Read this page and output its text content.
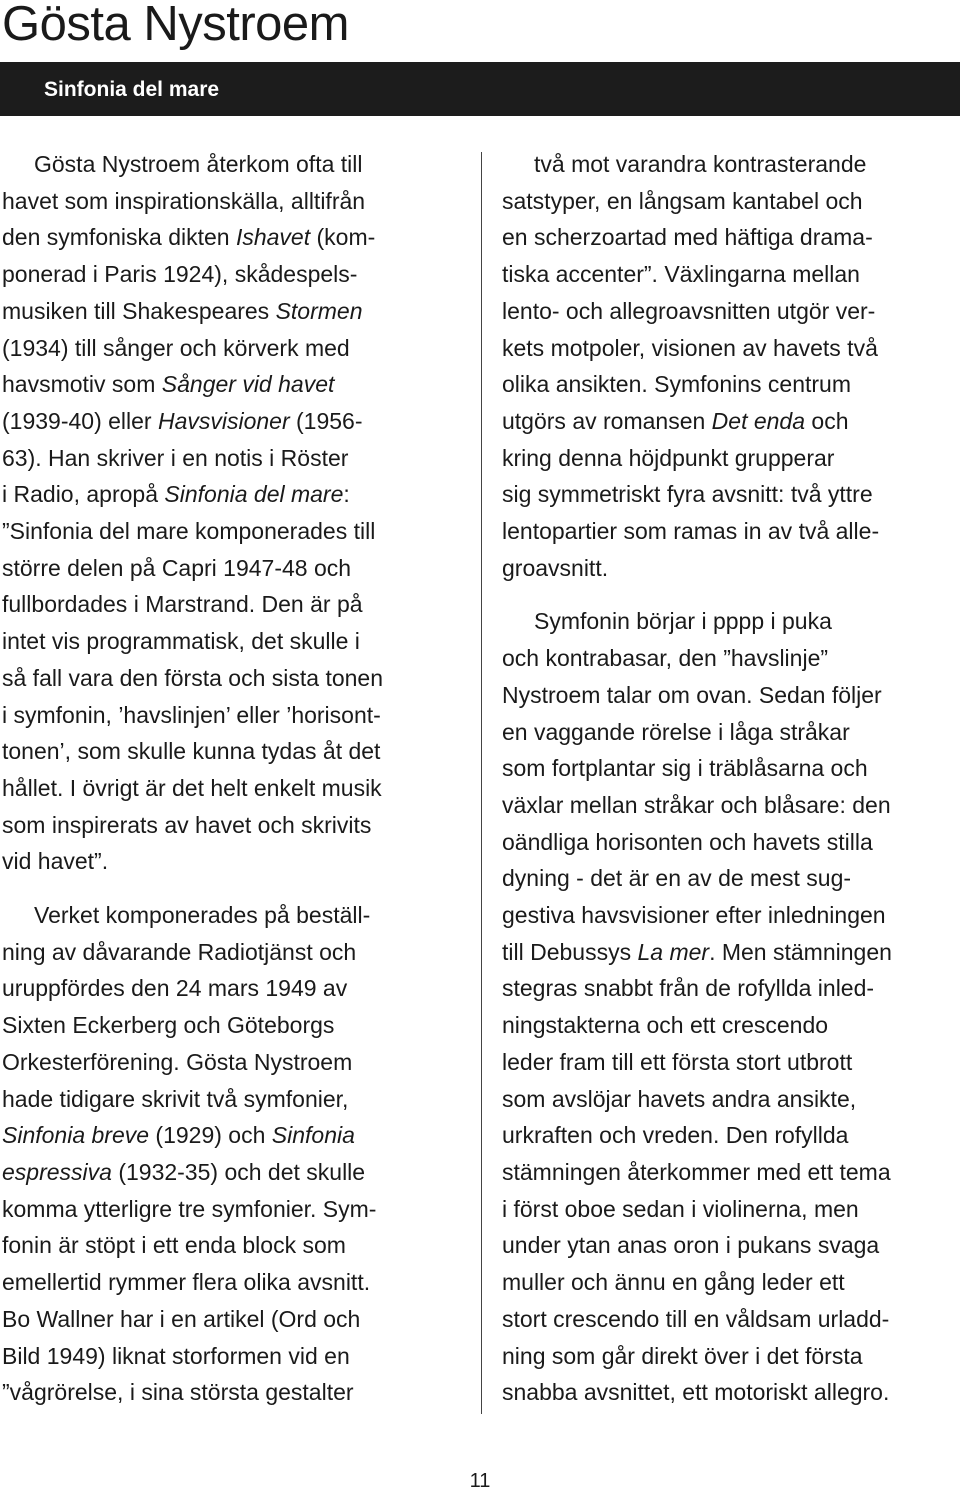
Gösta Nystroem
Sinfonia del mare

Gösta Nystroem återkom ofta till
havet som inspirationskälla, alltifrån
den symfoniska dikten Ishavet (kom-
ponerad i Paris 1924), skådespels-
musiken till Shakespeares Stormen
(1934) till sånger och körverk med
havsmotiv som Sånger vid havet
(1939-40) eller Havsvisioner (1956-
63). Han skriver i en notis i Röster
i Radio, apropå Sinfonia del mare:
”Sinfonia del mare komponerades till
större delen på Capri 1947-48 och
fullbordades i Marstrand. Den är på
intet vis programmatisk, det skulle i
så fall vara den första och sista tonen
i symfonin, ’havslinjen’ eller ’horisont-
tonen’, som skulle kunna tydas åt det
hållet. I övrigt är det helt enkelt musik
som inspirerats av havet och skrivits
vid havet”.

Verket komponerades på beställ-
ning av dåvarande Radiotjänst och
uruppfördes den 24 mars 1949 av
Sixten Eckerberg och Göteborgs
Orkesterförening. Gösta Nystroem
hade tidigare skrivit två symfonier,
Sinfonia breve (1929) och Sinfonia
espressiva (1932-35) och det skulle
komma ytterligre tre symfonier. Sym-
fonin är stöpt i ett enda block som
emellertid rymmer flera olika avsnitt.
Bo Wallner har i en artikel (Ord och
Bild 1949) liknat storformen vid en
”vågrörelse, i sina största gestalter

två mot varandra kontrasterande
satstyper, en långsam kantabel och
en scherzoartad med häftiga drama-
tiska accenter”. Växlingarna mellan
lento- och allegroavsnitten utgör ver-
kets motpoler, visionen av havets två
olika ansikten. Symfonins centrum
utgörs av romansen Det enda och
kring denna höjdpunkt grupperar
sig symmetriskt fyra avsnitt: två yttre
lentopartier som ramas in av två alle-
groavsnitt.

Symfonin börjar i pppp i puka
och kontrabasar, den ”havslinje”
Nystroem talar om ovan. Sedan följer
en vaggande rörelse i låga stråkar
som fortplantar sig i träblåsarna och
växlar mellan stråkar och blåsare: den
oändliga horisonten och havets stilla
dyning - det är en av de mest sug-
gestiva havsvisioner efter inledningen
till Debussys La mer. Men stämningen
stegras snabbt från de rofyllda inled-
ningstakterna och ett crescendo
leder fram till ett första stort utbrott
som avslöjar havets andra ansikte,
urkraften och vreden. Den rofyllda
stämningen återkommer med ett tema
i först oboe sedan i violinerna, men
under ytan anas oron i pukans svaga
muller och ännu en gång leder ett
stort crescendo till en våldsam urladd-
ning som går direkt över i det första
snabba avsnittet, ett motoriskt allegro.

11
